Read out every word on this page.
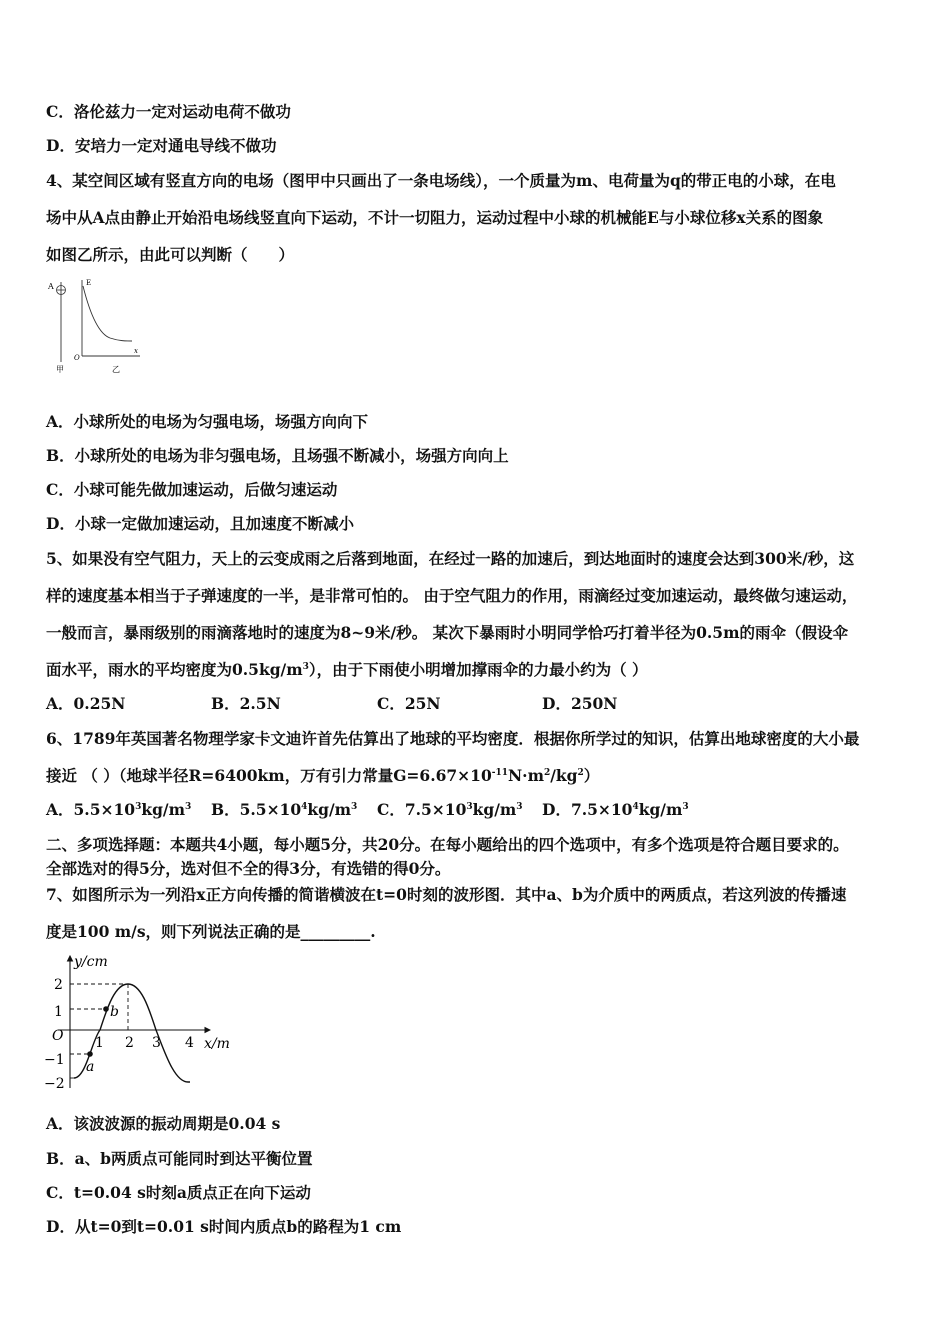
C．洛伦兹力一定对运动电荷不做功
D．安培力一定对通电导线不做功
4、某空间区域有竖直方向的电场（图甲中只画出了一条电场线），一个质量为m、电荷量为q的带正电的小球，在电
场中从A点由静止开始沿电场线竖直向下运动，不计一切阻力，运动过程中小球的机械能E与小球位移x关系的图象
如图乙所示，由此可以判断（　　）
A
甲
E
O
x
乙
A．小球所处的电场为匀强电场，场强方向向下
B．小球所处的电场为非匀强电场，且场强不断减小，场强方向向上
C．小球可能先做加速运动，后做匀速运动
D．小球一定做加速运动，且加速度不断减小
5、如果没有空气阻力，天上的云变成雨之后落到地面，在经过一路的加速后，到达地面时的速度会达到300米/秒，这
样的速度基本相当于子弹速度的一半，是非常可怕的。 由于空气阻力的作用，雨滴经过变加速运动，最终做匀速运动，
一般而言，暴雨级别的雨滴落地时的速度为8~9米/秒。 某次下暴雨时小明同学恰巧打着半径为0.5m的雨伞（假设伞
面水平，雨水的平均密度为$0.5kg/m^3$），由于下雨使小明增加撑雨伞的力最小约为（ ）
A．0.25N	B．2.5N	C．25N	D．250N
6、1789年英国著名物理学家卡文迪许首先估算出了地球的平均密度．根据你所学过的知识，估算出地球密度的大小最
接近 （ ）（地球半径R=6400km，万有引力常量$G=6.67\times 10^{-11}N\cdot m^2/kg^2$）
A．$5.5\times 10^3kg/m^3$ B．$5.5\times 10^4kg/m^3$ C．$7.5\times 10^3kg/m^3$ D．$7.5\times 10^4kg/m^3$
二、多项选择题：本题共4小题，每小题5分，共20分。在每小题给出的四个选项中，有多个选项是符合题目要求的。
全部选对的得5分，选对但不全的得3分，有选错的得0分。
7、如图所示为一列沿x正方向传播的简谐横波在t=0时刻的波形图．其中a、b为介质中的两质点，若这列波的传播速
度是100 m/s，则下列说法正确的是_________.
y/cm
x/m
O
2
1
−1
−2
1 2 3 4
b
a
A．该波波源的振动周期是0.04 s
B．a、b两质点可能同时到达平衡位置
C．t=0.04 s时刻a质点正在向下运动
D．从t=0到t=0.01 s时间内质点b的路程为1 cm
